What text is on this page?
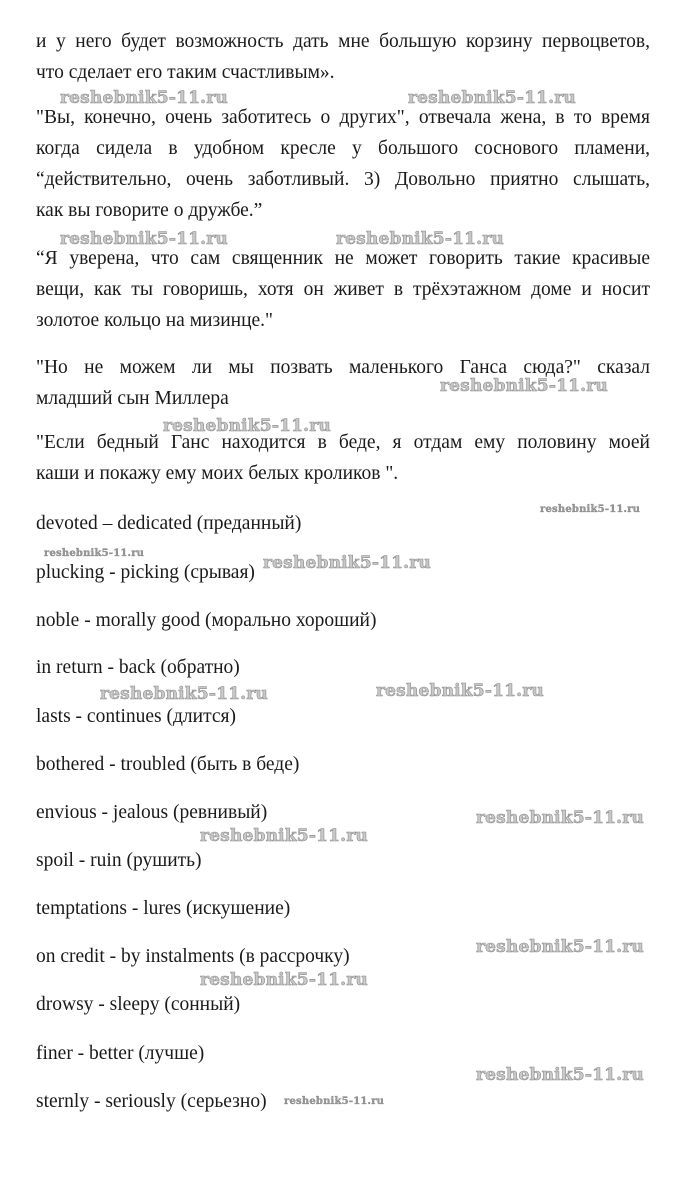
и у него будет возможность дать мне большую корзину первоцветов,
что сделает его таким счастливым».

"Вы, конечно, очень заботитесь о других", отвечала жена, в то время
когда сидела в удобном кресле у большого соснового пламени,
“действительно, очень заботливый. 3) Довольно приятно слышать,
как вы говорите о дружбе.”

“Я уверена, что сам священник не может говорить такие красивые
вещи, как ты говоришь, хотя он живет в трёхэтажном доме и носит
золотое кольцо на мизинце."

"Но не можем ли мы позвать маленького Ганса сюда?" сказал
младший сын Миллера

"Если бедный Ганс находится в беде, я отдам ему половину моей
каши и покажу ему моих белых кроликов ".

devoted – dedicated (преданный)

plucking - picking (срывая)

noble - morally good (морально хороший)

in return - back (обратно)

lasts - continues (длится)

bothered - troubled (быть в беде)

envious - jealous (ревнивый)

spoil - ruin (рушить)

temptations - lures (искушение)

on credit - by instalments (в рассрочку)

drowsy - sleepy (сонный)

finer - better (лучше)

sternly - seriously (серьезно)

reshebnik5-11.ru	reshebnik5-11.ru
reshebnik5-11.ru	reshebnik5-11.ru
reshebnik5-11.ru
reshebnik5-11.ru
reshebnik5-11.ru
reshebnik5-11.ru	reshebnik5-11.ru
reshebnik5-11.ru	reshebnik5-11.ru
reshebnik5-11.ru
reshebnik5-11.ru
reshebnik5-11.ru
reshebnik5-11.ru
reshebnik5-11.ru
reshebnik5-11.ru
